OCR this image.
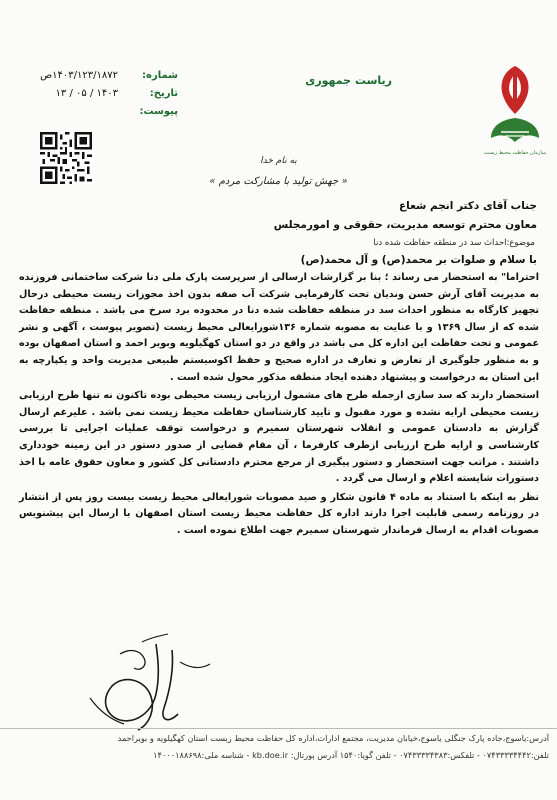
سازمان حفاظت محیط زیست
ریاست جمهوری
شماره:
تاریخ:
پیوست:
۱۴۰۳/۱۲۳/۱۸۷۲ص
۱۴۰۳ / ۰۵ / ۱۳
به نام خدا
« جهش تولید با مشارکت مردم »
جناب آقای دکتر انجم شعاع
معاون محترم توسعه مدیریت، حقوقی و امورمجلس
موضوع:احداث سد در منطقه حفاظت شده دنا
با سلام و صلوات بر محمد(ص) و آل محمد(ص)

احتراما" به استحضار می رساند ؛ بنا بر گزارشات ارسالی از سرپرست پارک ملی دنا شرکت ساختمانی فروزنده به مدیریت آقای آرش حسن وندیان تحت کارفرمایی شرکت آب صفه بدون اخذ مجوزات زیست محیطی درحال تجهیز کارگاه به منظور احداث سد در منطقه حفاظت شده دنا در محدوده برد سرخ می باشد . منطقه حفاظت شده که از سال ۱۳۶۹ و با عنایت به مصوبه شماره ۱۳۶شورایعالی محیط زیست (تصویر پیوست ، آگهی و نشر عمومی و تحت حفاظت این اداره کل می باشد در واقع در دو استان کهگیلویه وبویر احمد و استان اصفهان بوده و به منظور جلوگیری از تعارض و تعارف در اداره صحیح و حفظ اکوسیستم طبیعی مدیریت واحد و یکپارچه به این استان به درخواست و پیشنهاد دهنده ایجاد منطقه مذکور محول شده است .

استحضار دارند که سد سازی ازجمله طرح های مشمول ارزیابی زیست محیطی بوده تاکنون نه تنها طرح ارزیابی زیست محیطی ارایه نشده و مورد مقبول و تایید کارشناسان حفاظت محیط زیست نمی باشد . علیرغم ارسال گزارش به دادستان عمومی و انقلاب شهرستان سمیرم و درخواست توقف عملیات اجرایی تا بررسی کارشناسی و ارایه طرح ارزیابی ازطرف کارفرما ، آن مقام قضایی از صدور دستور در این زمینه خودداری داشتند . مراتب جهت استحضار و دستور پیگیری از مرجع محترم دادستانی کل کشور و معاون حقوق عامه با اخذ دستورات شایسته اعلام و ارسال می گردد .

نظر به اینکه با استناد به ماده ۴ قانون شکار و صید مصوبات شورایعالی محیط زیست بیست روز پس از انتشار در روزنامه رسمی قابلیت اجرا دارند اداره کل حفاظت محیط زیست استان اصفهان با ارسال این پیشنویس مصوبات اقدام به ارسال فرماندار شهرستان سمیرم جهت اطلاع نموده است .

آدرس:یاسوج،جاده پارک جنگلی یاسوج،خیابان مدیریت، مجتمع ادارات،اداره کل حفاظت محیط زیست استان کهگیلویه و بویراحمد
تلفن:۰۷۴۳۳۳۳۴۴۴۲ - تلفکس:۰۷۴۳۳۳۳۴۳۸۳ - تلفن گویا:۱۵۴۰ آدرس پورتال: kb.doe.ir - شناسه ملی:۱۴۰۰۰۱۸۸۶۹۸
